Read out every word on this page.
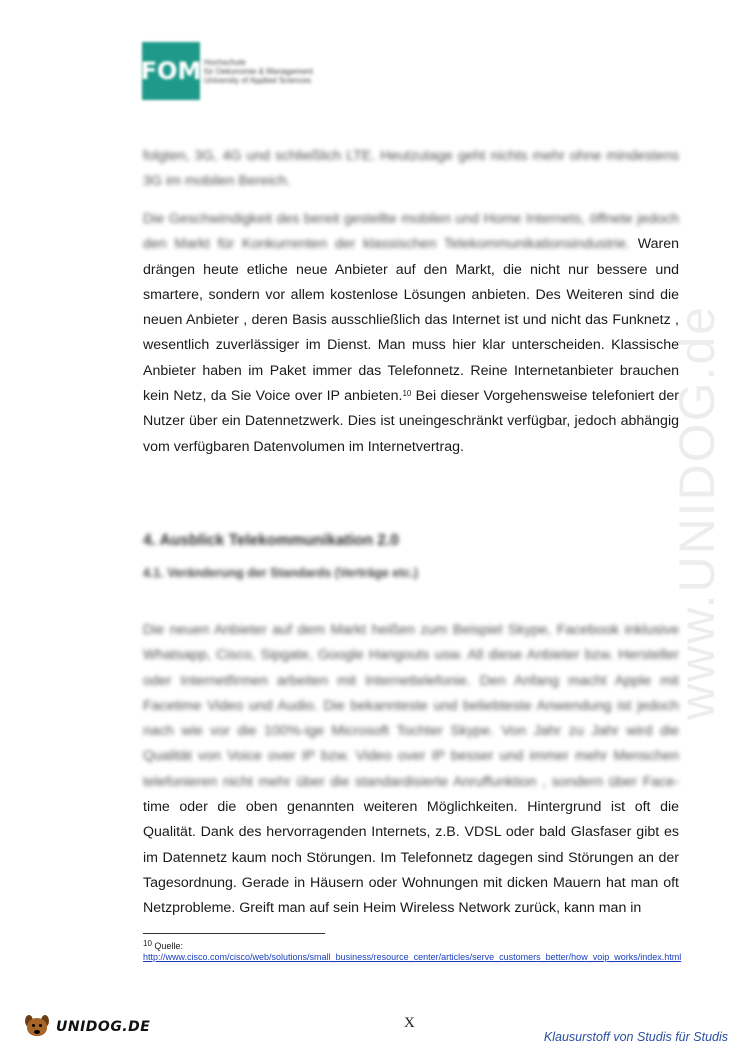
FOM Hochschule
für Oekonomie & Management
University of Applied Sciences
www.UNIDOG.de

folgten, 3G, 4G und schließlich LTE. Heutzutage geht nichts mehr ohne mindestens 3G im mobilen Bereich.

Die Geschwindigkeit des bereit gestellte mobilen und Home Internets, öffnete jedoch den Markt für Konkurrenten der klassischen Telekommunikationsindustrie. Waren drängen heute etliche neue Anbieter auf den Markt, die nicht nur bessere und smartere, sondern vor allem kostenlose Lösungen anbieten. Des Weiteren sind die neuen Anbieter , deren Basis ausschließlich das Internet ist und nicht das Funknetz , wesentlich zuverlässiger im Dienst. Man muss hier klar unterscheiden. Klassische Anbieter haben im Paket immer das Telefonnetz. Reine Internetanbieter brauchen kein Netz, da Sie Voice over IP anbieten.$^{10}$ Bei dieser Vorgehensweise telefoniert der Nutzer über ein Datennetzwerk. Dies ist uneingeschränkt verfügbar, jedoch abhängig vom verfügbaren Datenvolumen im Internetvertrag.

4. Ausblick Telekommunikation 2.0
4.1. Veränderung der Standards (Verträge etc.)

Die neuen Anbieter auf dem Markt heißen zum Beispiel Skype, Facebook inklusive Whatsapp, Cisco, Sipgate, Google Hangouts usw. All diese Anbieter bzw. Hersteller oder Internetfirmen arbeiten mit Internettelefonie. Den Anfang macht Apple mit Facetime Video und Audio. Die bekannteste und beliebteste Anwendung ist jedoch nach wie vor die 100%-ige Microsoft Tochter Skype. Von Jahr zu Jahr wird die Qualität von Voice over IP bzw. Video over IP besser und immer mehr Menschen telefonieren nicht mehr über die standardisierte Anruffunktion , sondern über Face-time oder die oben genannten weiteren Möglichkeiten. Hintergrund ist oft die Qualität. Dank des hervorragenden Internets, z.B. VDSL oder bald Glasfaser gibt es im Datennetz kaum noch Störungen. Im Telefonnetz dagegen sind Störungen an der Tagesordnung. Gerade in Häusern oder Wohnungen mit dicken Mauern hat man oft Netzprobleme. Greift man auf sein Heim Wireless Network zurück, kann man in

$^{10}$ Quelle:
http://www.cisco.com/cisco/web/solutions/small_business/resource_center/articles/serve_customers_better/how_voip_works/index.html
X
UNIDOG.DE
Klausurstoff von Studis für Studis
